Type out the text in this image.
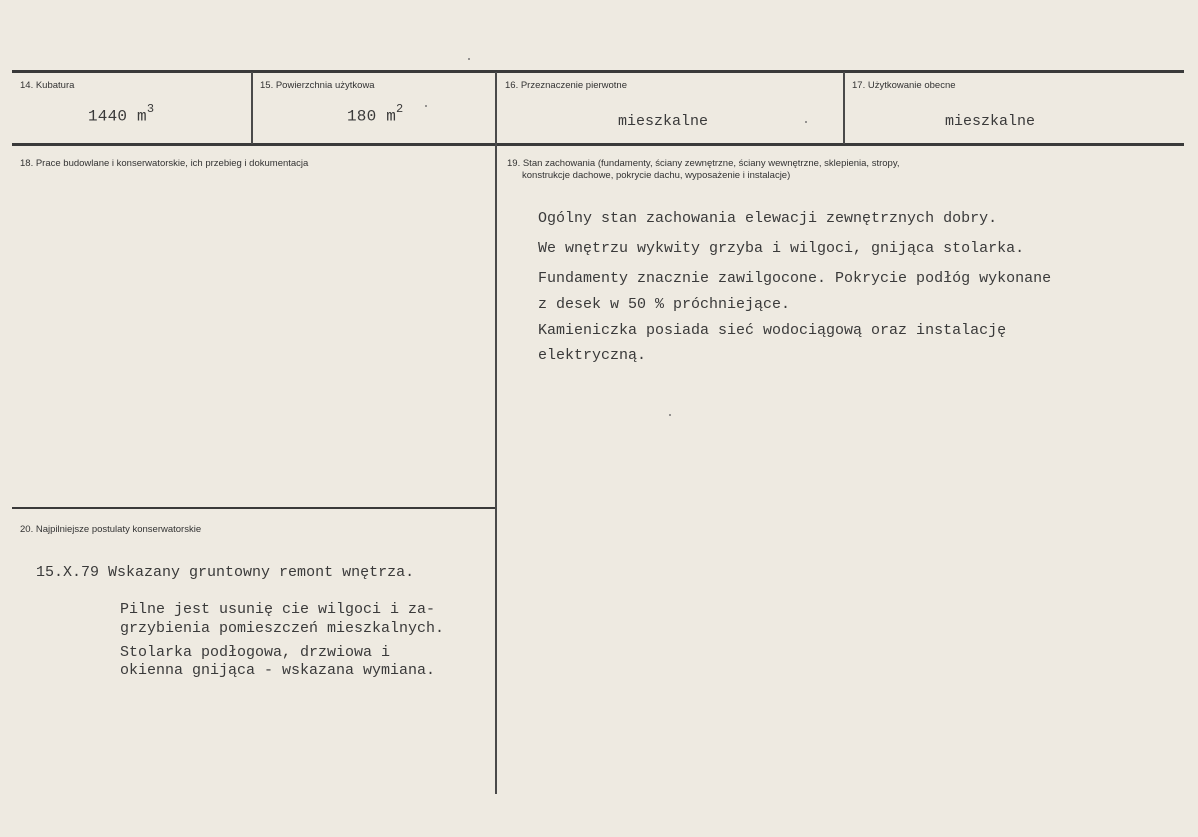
14. Kubatura
1440 $m^3$
15. Powierzchnia użytkowa
180 $m^2$
16. Przeznaczenie pierwotne
mieszkalne
17. Użytkowanie obecne
mieszkalne
18. Prace budowlane i konserwatorskie, ich przebieg i dokumentacja	19. Stan zachowania (fundamenty, ściany zewnętrzne, ściany wewnętrzne, sklepienia, stropy,
konstrukcje dachowe, pokrycie dachu, wyposażenie i instalacje)
Ogólny stan zachowania elewacji zewnętrznych dobry.
We wnętrzu wykwity grzyba i wilgoci, gnijąca stolarka.
Fundamenty znacznie zawilgocone. Pokrycie podłóg wykonane
z desek w 50 % próchniejące.
Kamieniczka posiada sieć wodociągową oraz instalację
elektryczną.
20. Najpilniejsze postulaty konserwatorskie
15.X.79 Wskazany gruntowny remont wnętrza.
Pilne jest usunię cie wilgoci i za-
grzybienia pomieszczeń mieszkalnych.
Stolarka podłogowa, drzwiowa i
okienna gnijąca - wskazana wymiana.
